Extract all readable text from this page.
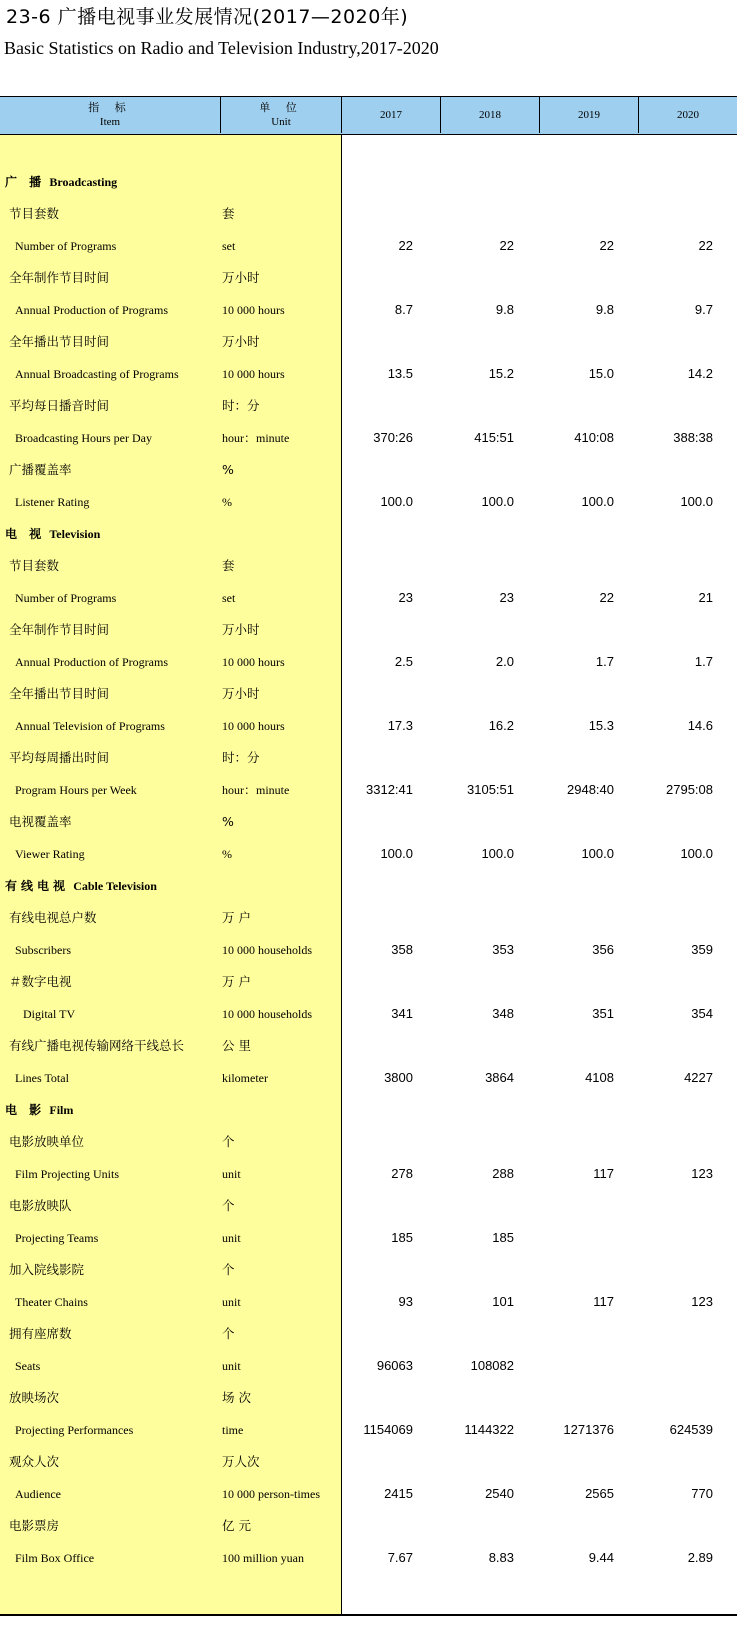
23-6 广播电视事业发展情况(2017—2020年)
Basic Statistics on Radio and Television Industry,2017-2020
指 标
Item
单 位
Unit
2017	2018	2019	2020
广 播 Broadcasting
节目套数	套
Number of Programs	set	22	22	22	22
全年制作节目时间	万小时
Annual Production of Programs	10 000 hours	8.7	9.8	9.8	9.7
全年播出节目时间	万小时
Annual Broadcasting of Programs	10 000 hours	13.5	15.2	15.0	14.2
平均每日播音时间	时：分
Broadcasting Hours per Day	hour：minute	370:26	415:51	410:08	388:38
广播覆盖率	%
Listener Rating	%	100.0	100.0	100.0	100.0
电 视 Television
节目套数	套
Number of Programs	set	23	23	22	21
全年制作节目时间	万小时
Annual Production of Programs	10 000 hours	2.5	2.0	1.7	1.7
全年播出节目时间	万小时
Annual Television of Programs	10 000 hours	17.3	16.2	15.3	14.6
平均每周播出时间	时：分
Program Hours per Week	hour：minute	3312:41	3105:51	2948:40	2795:08
电视覆盖率	%
Viewer Rating	%	100.0	100.0	100.0	100.0
有线电视 Cable Television
有线电视总户数	万 户
Subscribers	10 000 households	358	353	356	359
＃数字电视	万 户
Digital TV	10 000 households	341	348	351	354
有线广播电视传输网络干线总长	公 里
Lines Total	kilometer	3800	3864	4108	4227
电 影 Film
电影放映单位	个
Film Projecting Units	unit	278	288	117	123
电影放映队	个
Projecting Teams	unit	185	185
加入院线影院	个
Theater Chains	unit	93	101	117	123
拥有座席数	个
Seats	unit	96063	108082
放映场次	场 次
Projecting Performances	time	1154069	1144322	1271376	624539
观众人次	万人次
Audience	10 000 person-times	2415	2540	2565	770
电影票房	亿 元
Film Box Office	100 million yuan	7.67	8.83	9.44	2.89
